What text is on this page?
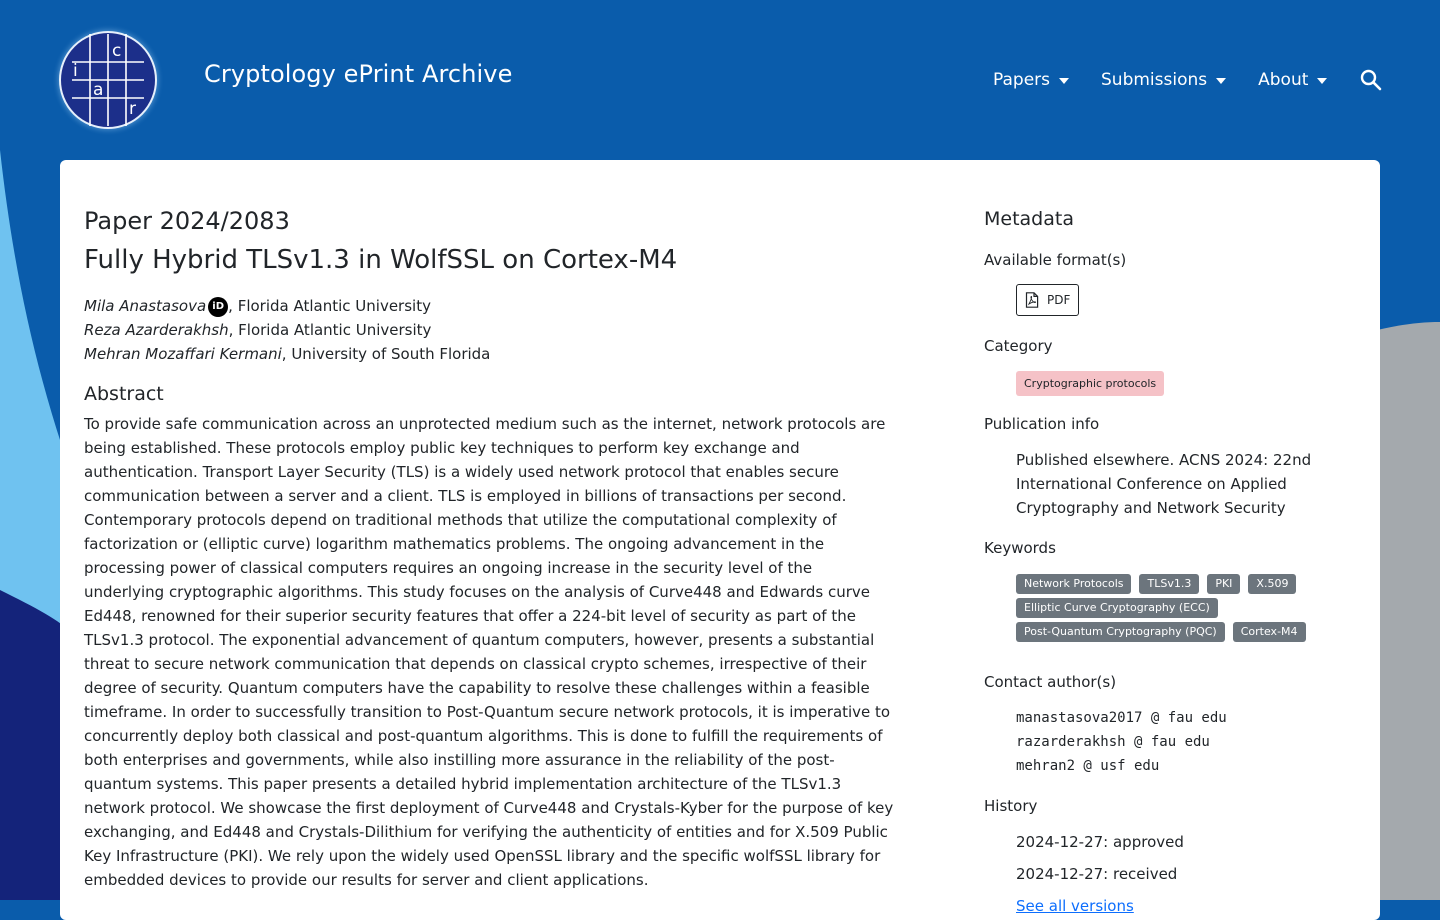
c
i
a
r
Cryptology ePrint Archive	Papers	Submissions	About
Paper 2024/2083
Fully Hybrid TLSv1.3 in WolfSSL on Cortex-M4
Mila Anastasova iD , Florida Atlantic University
Reza Azarderakhsh, Florida Atlantic University
Mehran Mozaffari Kermani, University of South Florida
Abstract

To provide safe communication across an unprotected medium such as the internet, network protocols are being established. These protocols employ public key techniques to perform key exchange and authentication. Transport Layer Security (TLS) is a widely used network protocol that enables secure communication between a server and a client. TLS is employed in billions of transactions per second. Contemporary protocols depend on traditional methods that utilize the computational complexity of factorization or (elliptic curve) logarithm mathematics problems. The ongoing advancement in the processing power of classical computers requires an ongoing increase in the security level of the underlying cryptographic algorithms. This study focuses on the analysis of Curve448 and Edwards curve Ed448, renowned for their superior security features that offer a 224-bit level of security as part of the TLSv1.3 protocol. The exponential advancement of quantum computers, however, presents a substantial threat to secure network communication that depends on classical crypto schemes, irrespective of their degree of security. Quantum computers have the capability to resolve these challenges within a feasible timeframe. In order to successfully transition to Post-Quantum secure network protocols, it is imperative to concurrently deploy both classical and post-quantum algorithms. This is done to fulfill the requirements of both enterprises and governments, while also instilling more assurance in the reliability of the post-quantum systems. This paper presents a detailed hybrid implementation architecture of the TLSv1.3 network protocol. We showcase the first deployment of Curve448 and Crystals-Kyber for the purpose of key exchanging, and Ed448 and Crystals-Dilithium for verifying the authenticity of entities and for X.509 Public Key Infrastructure (PKI). We rely upon the widely used OpenSSL library and the specific wolfSSL library for embedded devices to provide our results for server and client applications.

Metadata
Available format(s)
PDF
Category
Cryptographic protocols
Publication info
Published elsewhere. ACNS 2024: 22nd International Conference on Applied Cryptography and Network Security
Keywords
Network Protocols	TLSv1.3	PKI	X.509
Elliptic Curve Cryptography (ECC)
Post-Quantum Cryptography (PQC)	Cortex-M4
Contact author(s)
manastasova2017 @ fau edu
razarderakhsh @ fau edu
mehran2 @ usf edu
History
2024-12-27: approved
2024-12-27: received
See all versions
